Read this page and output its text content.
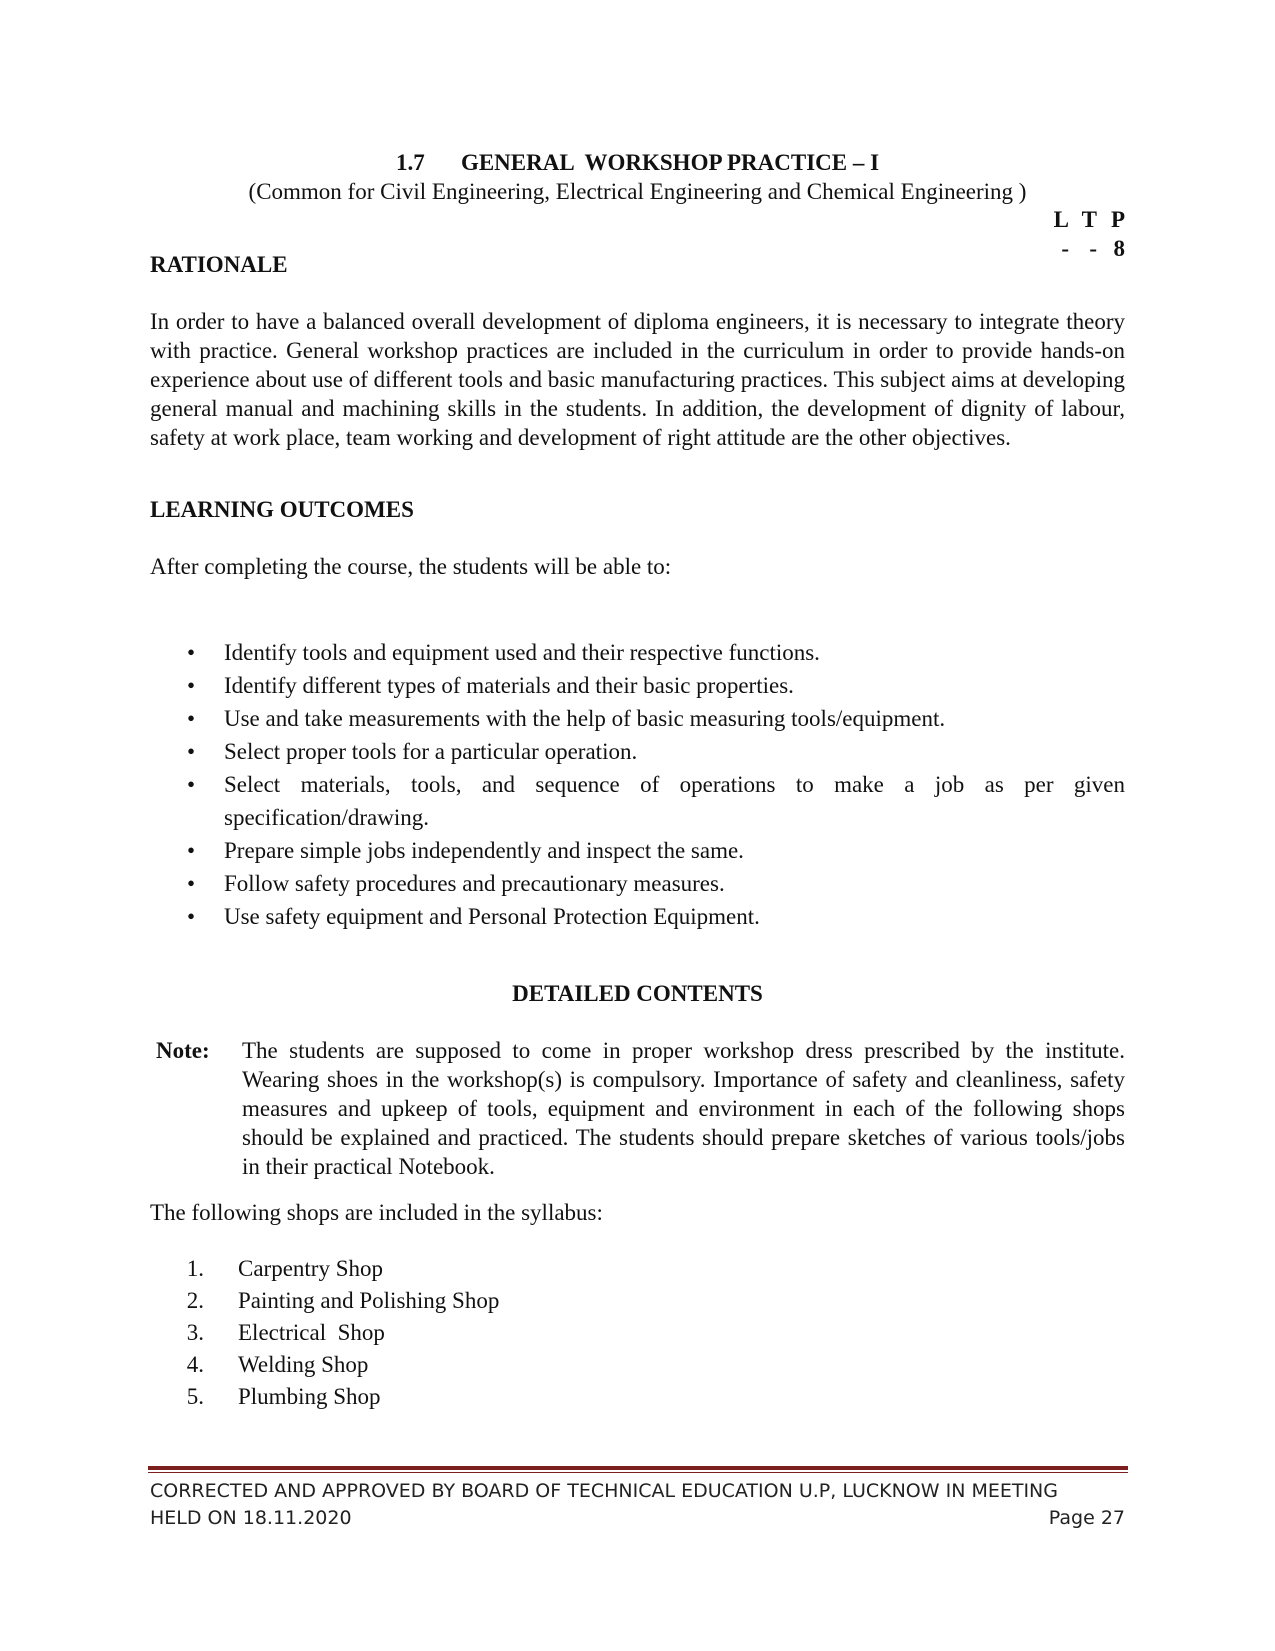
1.7 GENERAL  WORKSHOP PRACTICE – I
(Common for Civil Engineering, Electrical Engineering and Chemical Engineering )
L T P
- - 8
RATIONALE
In order to have a balanced overall development of diploma engineers, it is necessary to integrate theory with practice. General workshop practices are included in the curriculum in order to provide hands-on experience about use of different tools and basic manufacturing practices. This subject aims at developing general manual and machining skills in the students. In addition, the development of dignity of labour, safety at work place, team working and development of right attitude are the other objectives.
LEARNING OUTCOMES
After completing the course, the students will be able to:
• Identify tools and equipment used and their respective functions.
• Identify different types of materials and their basic properties.
• Use and take measurements with the help of basic measuring tools/equipment.
• Select proper tools for a particular operation.
• Select materials, tools, and sequence of operations to make a job as per given specification/drawing.
• Prepare simple jobs independently and inspect the same.
• Follow safety procedures and precautionary measures.
• Use safety equipment and Personal Protection Equipment.
DETAILED CONTENTS
Note: The students are supposed to come in proper workshop dress prescribed by the institute. Wearing shoes in the workshop(s) is compulsory. Importance of safety and cleanliness, safety measures and upkeep of tools, equipment and environment in each of the following shops should be explained and practiced. The students should prepare sketches of various tools/jobs in their practical Notebook.
The following shops are included in the syllabus:
1. Carpentry Shop
2. Painting and Polishing Shop
3. Electrical  Shop
4. Welding Shop
5. Plumbing Shop
CORRECTED AND APPROVED BY BOARD OF TECHNICAL EDUCATION U.P, LUCKNOW IN MEETING
HELD ON 18.11.2020	Page 27
